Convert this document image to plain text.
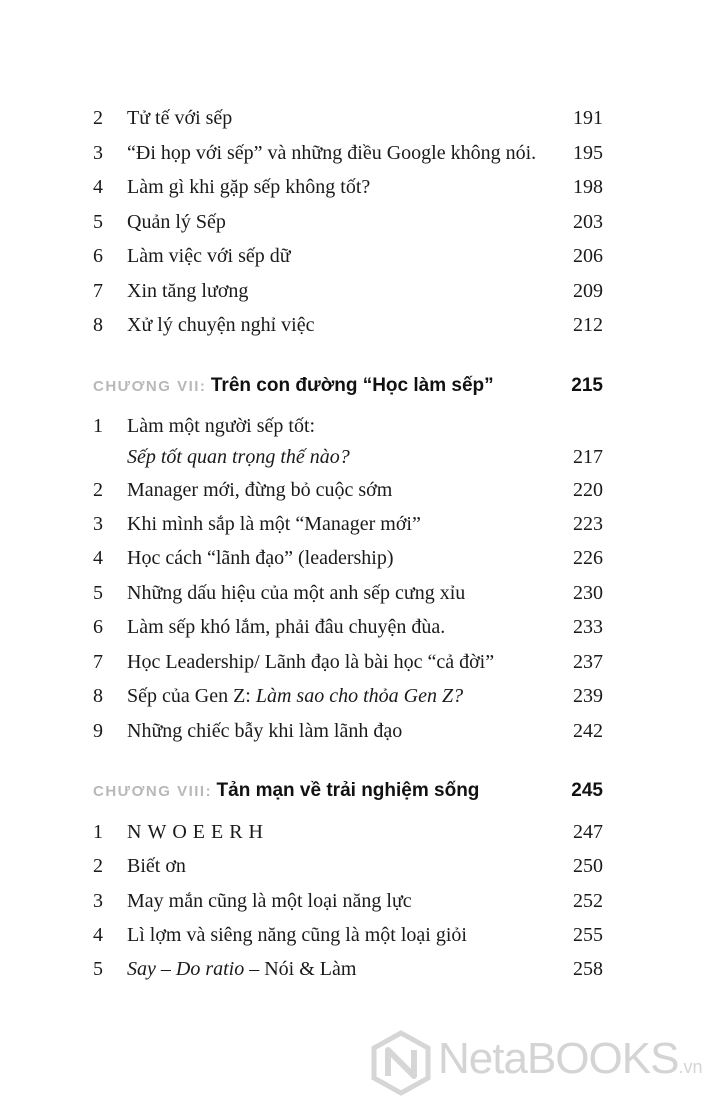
2 Tử tế với sếp	191
3 “Đi họp với sếp” và những điều Google không nói. 195
4 Làm gì khi gặp sếp không tốt?	198
5 Quản lý Sếp	203
6 Làm việc với sếp dữ	206
7 Xin tăng lương	209
8 Xử lý chuyện nghỉ việc	212
CHƯƠNG VII: Trên con đường “Học làm sếp”	215
1 Làm một người sếp tốt:
Sếp tốt quan trọng thế nào?	217
2 Manager mới, đừng bỏ cuộc sớm	220
3 Khi mình sắp là một “Manager mới”	223
4 Học cách “lãnh đạo” (leadership)	226
5 Những dấu hiệu của một anh sếp cưng xỉu	230
6 Làm sếp khó lắm, phải đâu chuyện đùa.	233
7 Học Leadership/ Lãnh đạo là bài học “cả đời”	237
8 Sếp của Gen Z: Làm sao cho thỏa Gen Z?	239
9 Những chiếc bẫy khi làm lãnh đạo	242
CHƯƠNG VIII: Tản mạn về trải nghiệm sống	245
1 NWOEERH	247
2 Biết ơn	250
3 May mắn cũng là một loại năng lực	252
4 Lì lợm và siêng năng cũng là một loại giỏi	255
5 Say – Do ratio – Nói & Làm	258
NetaBOOKS.vn
